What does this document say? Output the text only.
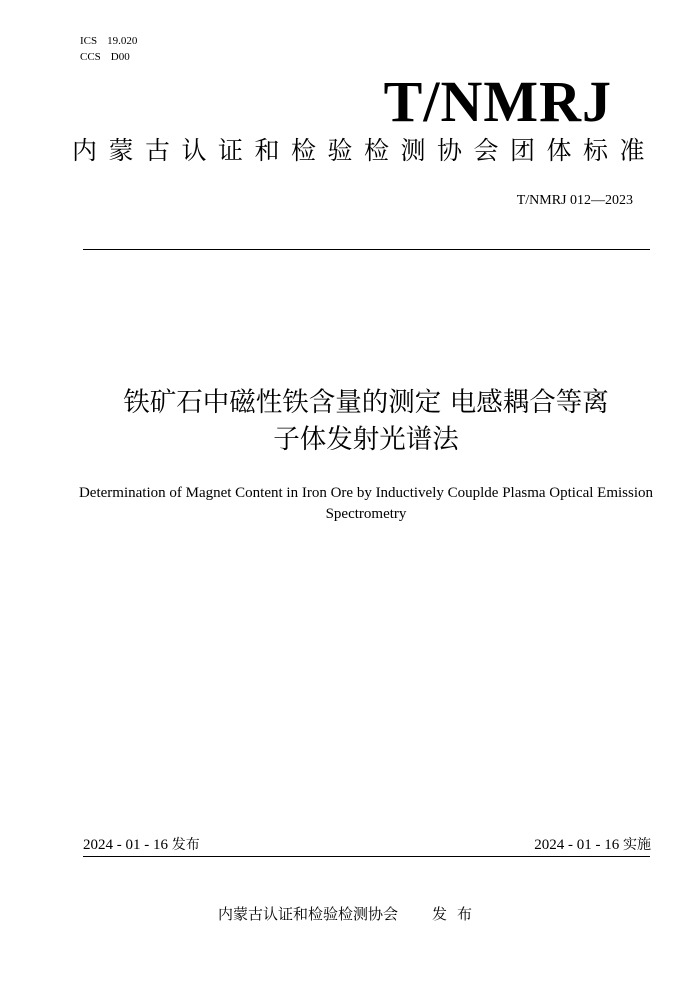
ICS 19.020
CCS D00
T/NMRJ
内蒙古认证和检验检测协会团体标准
T/NMRJ 012—2023
铁矿石中磁性铁含量的测定 电感耦合等离
子体发射光谱法
Determination of Magnet Content in Iron Ore by Inductively Couplde Plasma Optical Emission Spectrometry
2024 - 01 - 16 发布	2024 - 01 - 16 实施
内蒙古认证和检验检测协会 发布
